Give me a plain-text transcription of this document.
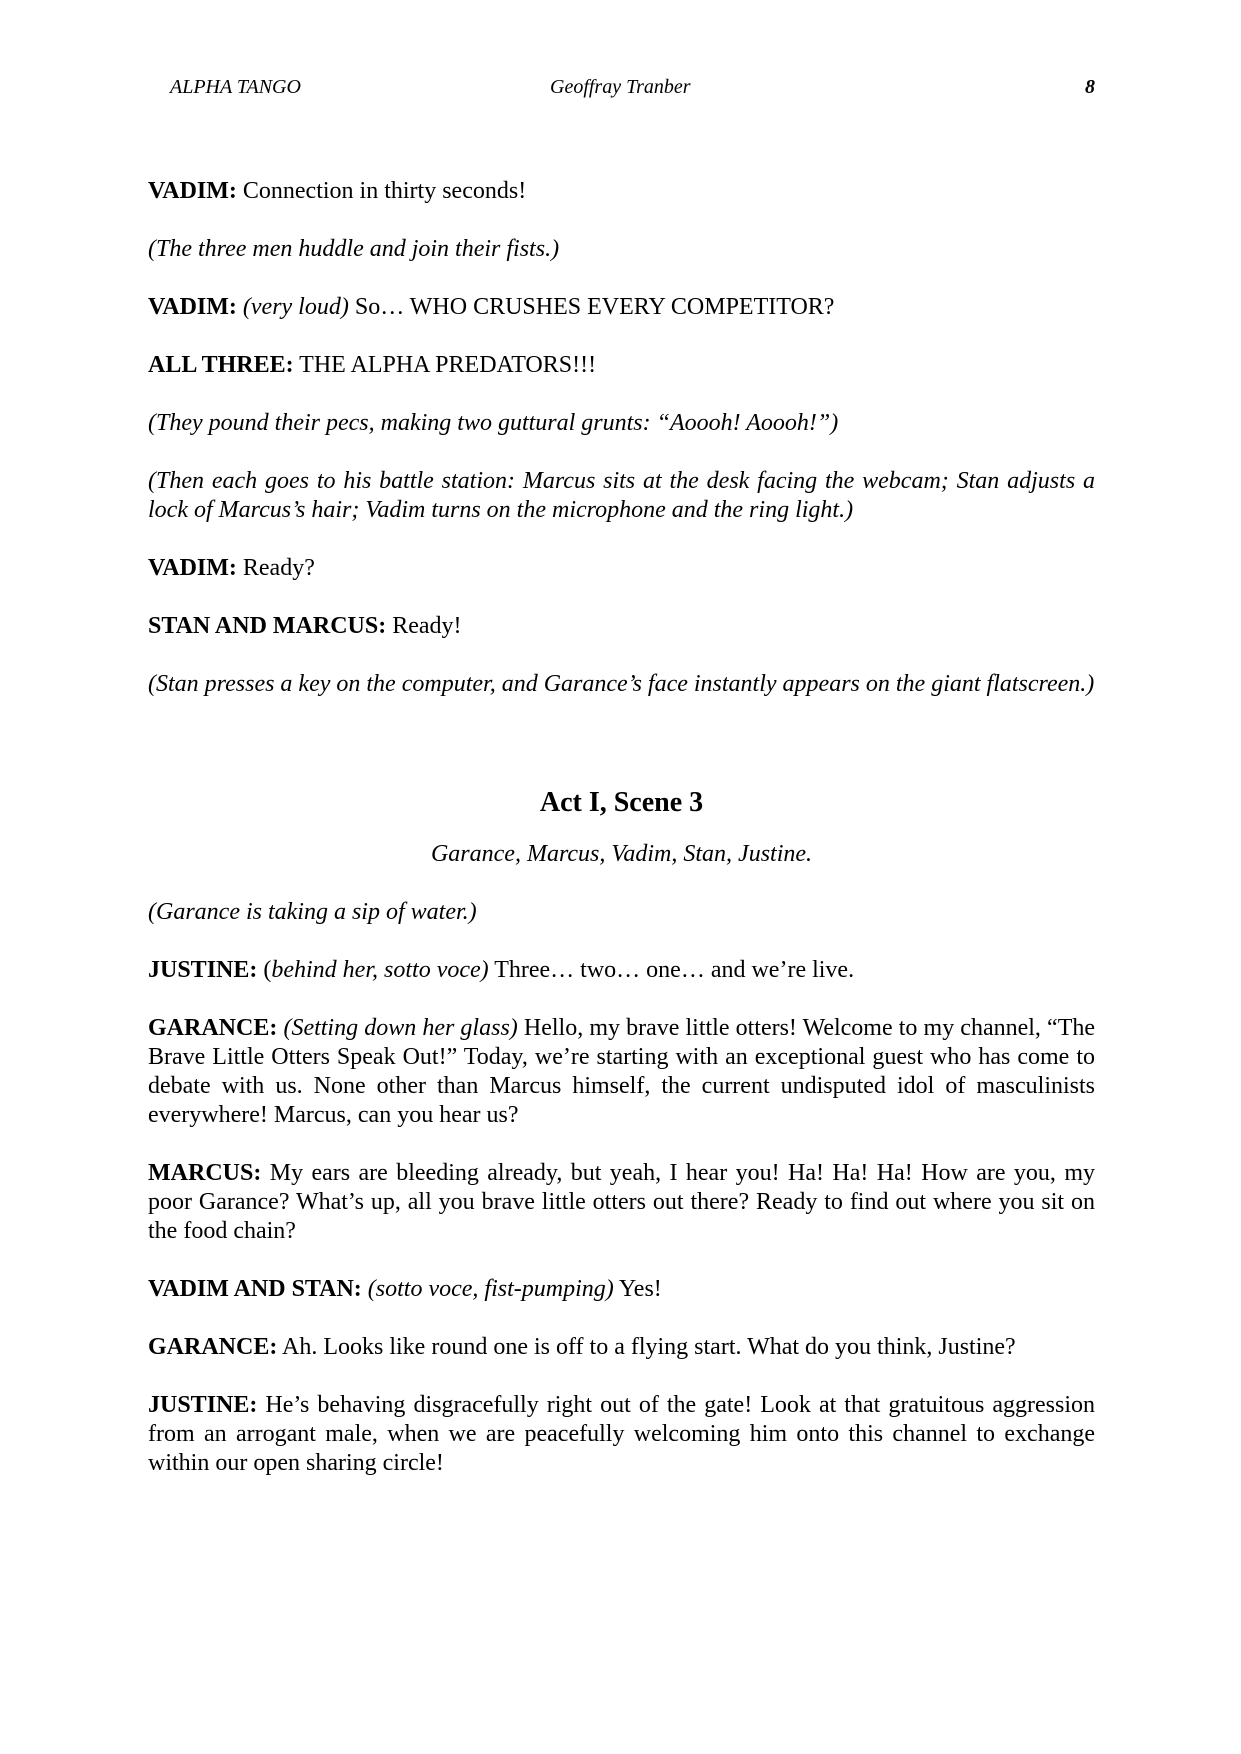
ALPHA TANGO	Geoffray Tranber	8

VADIM: Connection in thirty seconds!

(The three men huddle and join their fists.)

VADIM: (very loud) So… WHO CRUSHES EVERY COMPETITOR?

ALL THREE: THE ALPHA PREDATORS!!!

(They pound their pecs, making two guttural grunts: “Aoooh! Aoooh!”)

(Then each goes to his battle station: Marcus sits at the desk facing the webcam; Stan adjusts a lock of Marcus’s hair; Vadim turns on the microphone and the ring light.)

VADIM: Ready?

STAN AND MARCUS: Ready!

(Stan presses a key on the computer, and Garance’s face instantly appears on the giant flatscreen.)

Act I, Scene 3

Garance, Marcus, Vadim, Stan, Justine.

(Garance is taking a sip of water.)

JUSTINE: (behind her, sotto voce) Three… two… one… and we’re live.

GARANCE: (Setting down her glass) Hello, my brave little otters! Welcome to my channel, “The Brave Little Otters Speak Out!” Today, we’re starting with an exceptional guest who has come to debate with us. None other than Marcus himself, the current undisputed idol of masculinists everywhere! Marcus, can you hear us?

MARCUS: My ears are bleeding already, but yeah, I hear you! Ha! Ha! Ha! How are you, my poor Garance? What’s up, all you brave little otters out there? Ready to find out where you sit on the food chain?

VADIM AND STAN: (sotto voce, fist-pumping) Yes!

GARANCE: Ah. Looks like round one is off to a flying start. What do you think, Justine?

JUSTINE: He’s behaving disgracefully right out of the gate! Look at that gratuitous aggression from an arrogant male, when we are peacefully welcoming him onto this channel to exchange within our open sharing circle!
